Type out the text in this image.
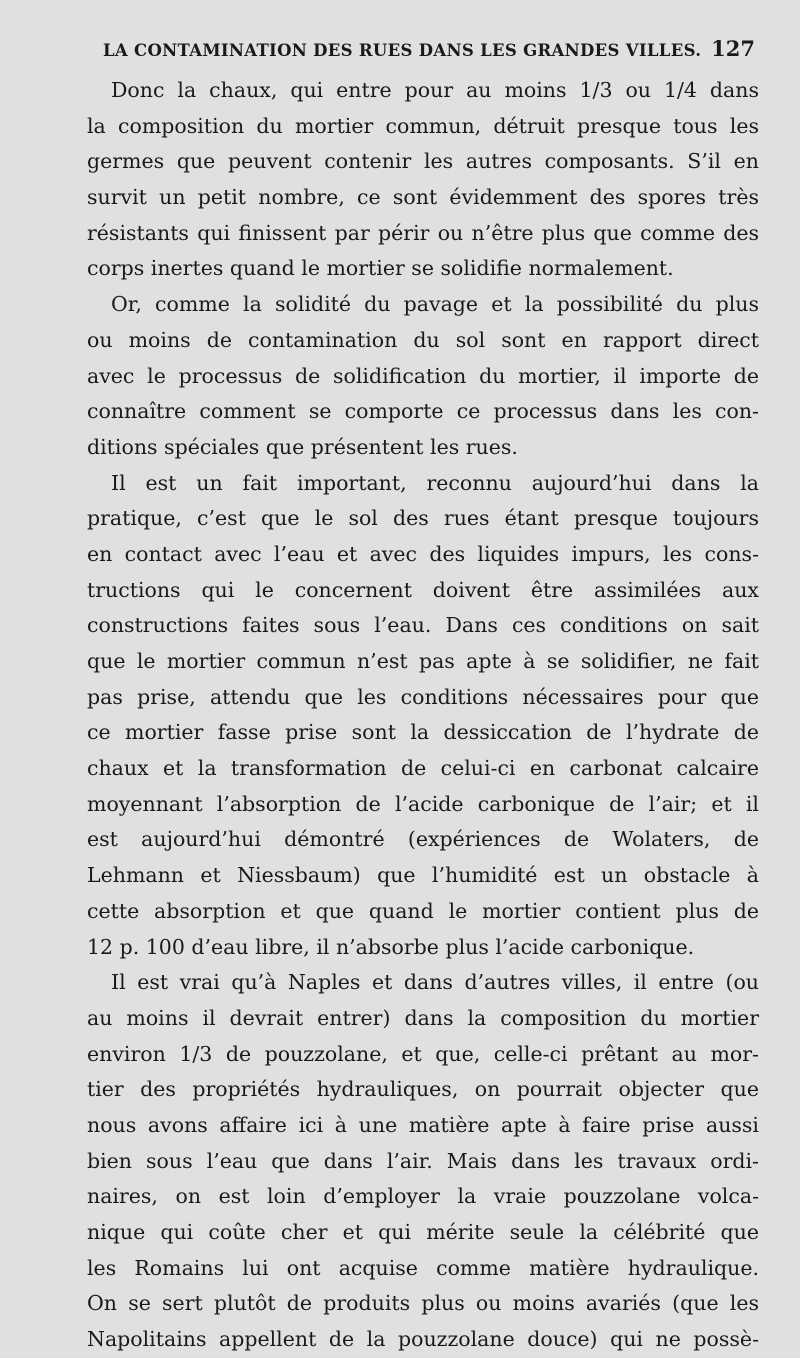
LA CONTAMINATION DES RUES DANS LES GRANDES VILLES. 127
Donc la chaux, qui entre pour au moins 1/3 ou 1/4 dans
la composition du mortier commun, détruit presque tous les
germes que peuvent contenir les autres composants. S’il en
survit un petit nombre, ce sont évidemment des spores très
résistants qui finissent par périr ou n’être plus que comme des
corps inertes quand le mortier se solidifie normalement.
Or, comme la solidité du pavage et la possibilité du plus
ou moins de contamination du sol sont en rapport direct
avec le processus de solidification du mortier, il importe de
connaître comment se comporte ce processus dans les con-
ditions spéciales que présentent les rues.
Il est un fait important, reconnu aujourd’hui dans la
pratique, c’est que le sol des rues étant presque toujours
en contact avec l’eau et avec des liquides impurs, les cons-
tructions qui le concernent doivent être assimilées aux
constructions faites sous l’eau. Dans ces conditions on sait
que le mortier commun n’est pas apte à se solidifier, ne fait
pas prise, attendu que les conditions nécessaires pour que
ce mortier fasse prise sont la dessiccation de l’hydrate de
chaux et la transformation de celui-ci en carbonat calcaire
moyennant l’absorption de l’acide carbonique de l’air; et il
est aujourd’hui démontré (expériences de Wolaters, de
Lehmann et Niessbaum) que l’humidité est un obstacle à
cette absorption et que quand le mortier contient plus de
12 p. 100 d’eau libre, il n’absorbe plus l’acide carbonique.
Il est vrai qu’à Naples et dans d’autres villes, il entre (ou
au moins il devrait entrer) dans la composition du mortier
environ 1/3 de pouzzolane, et que, celle-ci prêtant au mor-
tier des propriétés hydrauliques, on pourrait objecter que
nous avons affaire ici à une matière apte à faire prise aussi
bien sous l’eau que dans l’air. Mais dans les travaux ordi-
naires, on est loin d’employer la vraie pouzzolane volca-
nique qui coûte cher et qui mérite seule la célébrité que
les Romains lui ont acquise comme matière hydraulique.
On se sert plutôt de produits plus ou moins avariés (que les
Napolitains appellent de la pouzzolane douce) qui ne possè-
